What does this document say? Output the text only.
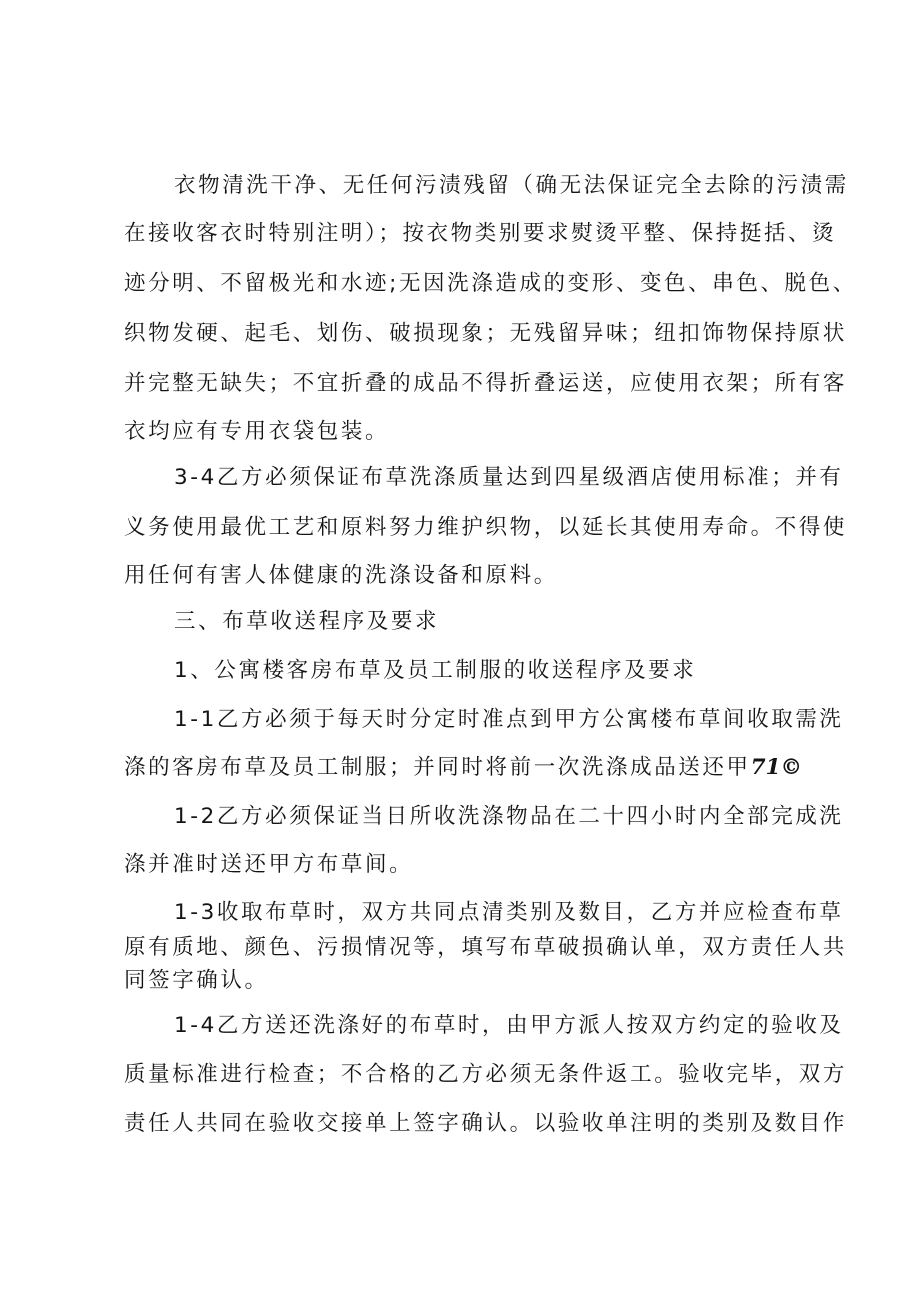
衣物清洗干净、无任何污渍残留（确无法保证完全去除的污渍需
在接收客衣时特别注明）；按衣物类别要求熨烫平整、保持挺括、烫
迹分明、不留极光和水迹;无因洗涤造成的变形、变色、串色、脱色、
织物发硬、起毛、划伤、破损现象；无残留异味；纽扣饰物保持原状
并完整无缺失；不宜折叠的成品不得折叠运送，应使用衣架；所有客
衣均应有专用衣袋包装。
3-4乙方必须保证布草洗涤质量达到四星级酒店使用标准；并有
义务使用最优工艺和原料努力维护织物，以延长其使用寿命。不得使
用任何有害人体健康的洗涤设备和原料。
三、布草收送程序及要求
1、公寓楼客房布草及员工制服的收送程序及要求
1-1乙方必须于每天时分定时准点到甲方公寓楼布草间收取需洗
涤的客房布草及员工制服；并同时将前一次洗涤成品送还甲71©
1-2乙方必须保证当日所收洗涤物品在二十四小时内全部完成洗
涤并准时送还甲方布草间。
1-3收取布草时，双方共同点清类别及数目，乙方并应检查布草
原有质地、颜色、污损情况等，填写布草破损确认单，双方责任人共
同签字确认。
1-4乙方送还洗涤好的布草时，由甲方派人按双方约定的验收及
质量标准进行检查；不合格的乙方必须无条件返工。验收完毕，双方
责任人共同在验收交接单上签字确认。以验收单注明的类别及数目作
